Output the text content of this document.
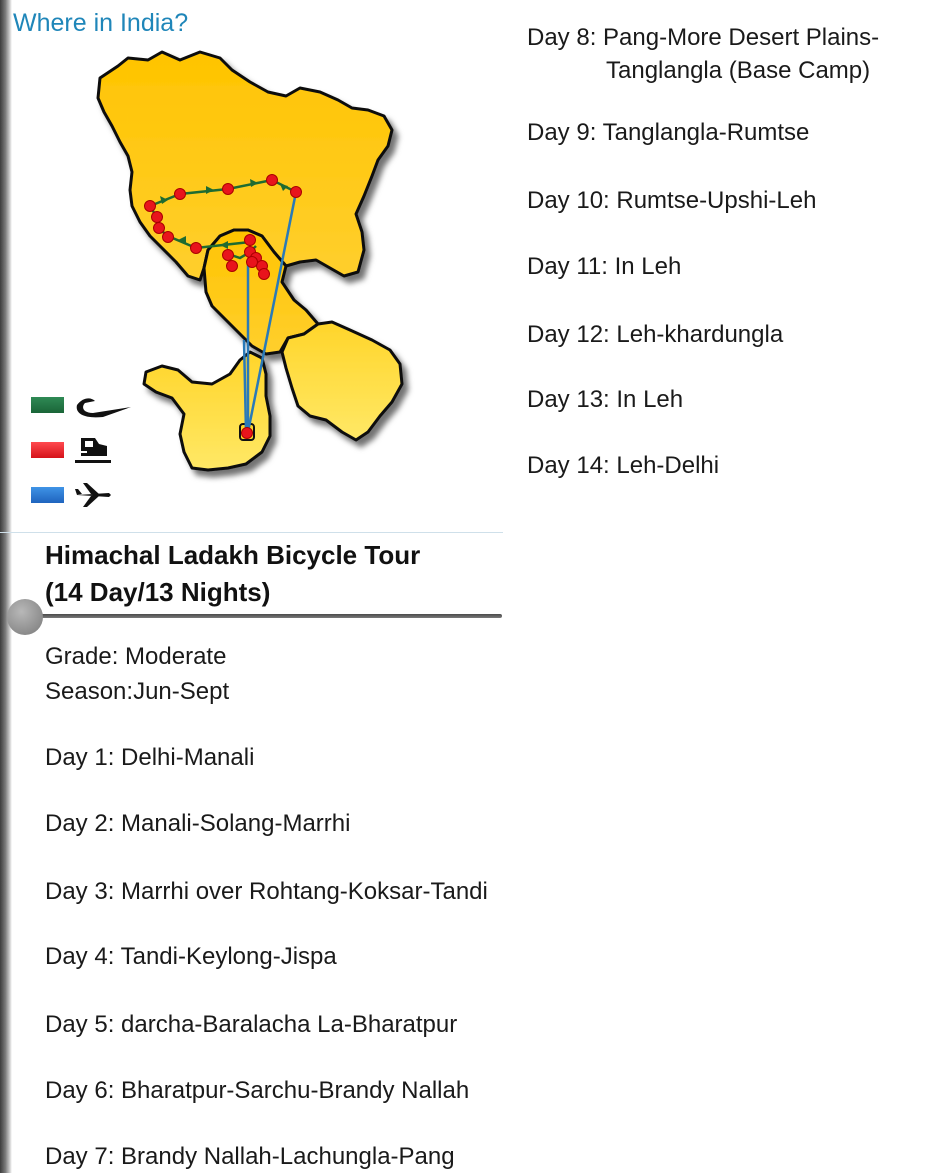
Where in India?
Himachal Ladakh Bicycle Tour
(14 Day/13 Nights)
Grade: Moderate
Season:Jun-Sept
Day 1: Delhi-Manali
Day 2: Manali-Solang-Marrhi
Day 3: Marrhi over Rohtang-Koksar-Tandi
Day 4: Tandi-Keylong-Jispa
Day 5: darcha-Baralacha La-Bharatpur
Day 6: Bharatpur-Sarchu-Brandy Nallah
Day 7: Brandy Nallah-Lachungla-Pang
Day 8: Pang-More Desert Plains-
Tanglangla (Base Camp)
Day 9: Tanglangla-Rumtse
Day 10: Rumtse-Upshi-Leh
Day 11: In Leh
Day 12: Leh-khardungla
Day 13: In Leh
Day 14: Leh-Delhi
